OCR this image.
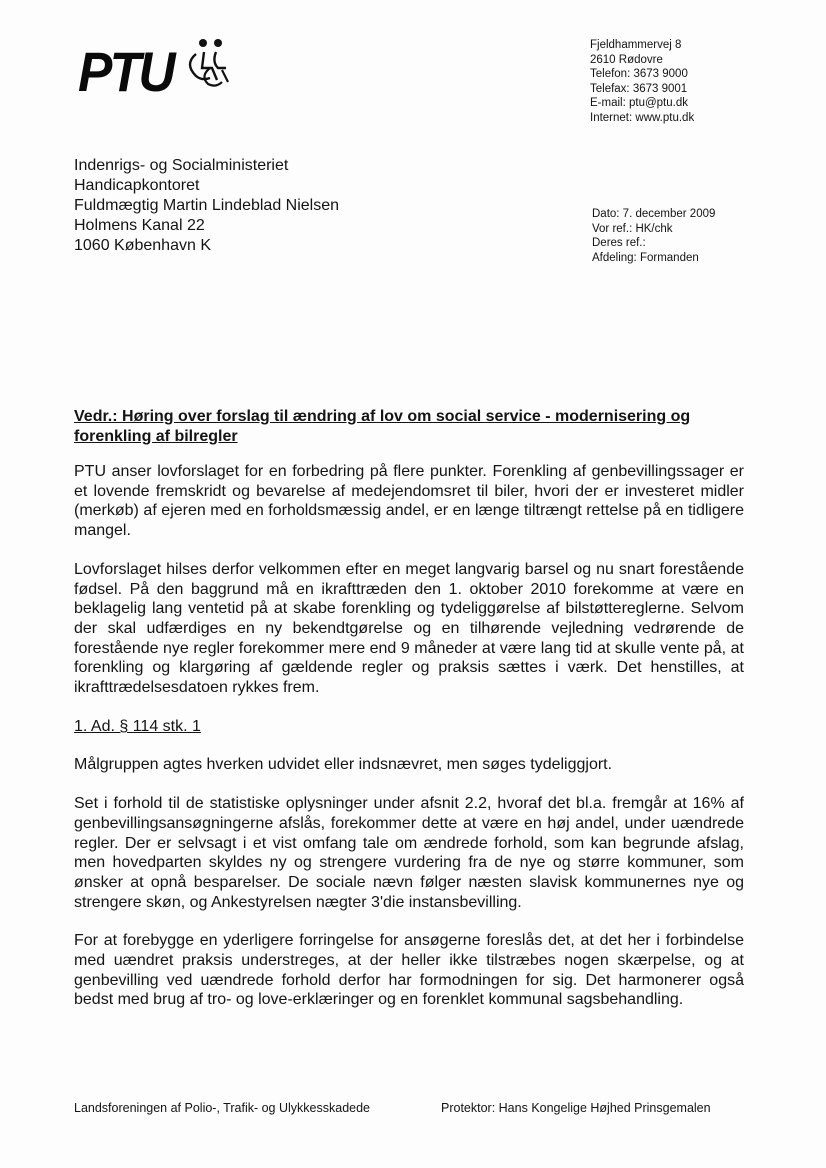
PTU	Fjeldhammervej 8
2610 Rødovre
Telefon: 3673 9000
Telefax: 3673 9001
E-mail: ptu@ptu.dk
Internet: www.ptu.dk
Indenrigs- og Socialministeriet
Handicapkontoret
Fuldmægtig Martin Lindeblad Nielsen
Holmens Kanal 22
1060 København K
Dato: 7. december 2009
Vor ref.: HK/chk
Deres ref.:
Afdeling: Formanden
Vedr.: Høring over forslag til ændring af lov om social service - modernisering og forenkling af bilregler

PTU anser lovforslaget for en forbedring på flere punkter. Forenkling af genbevillingssager er et lovende fremskridt og bevarelse af medejendomsret til biler, hvori der er investeret midler (merkøb) af ejeren med en forholdsmæssig andel, er en længe tiltrængt rettelse på en tidligere mangel.

Lovforslaget hilses derfor velkommen efter en meget langvarig barsel og nu snart forestående fødsel. På den baggrund må en ikrafttræden den 1. oktober 2010 forekomme at være en beklagelig lang ventetid på at skabe forenkling og tydeliggørelse af bilstøttereglerne. Selvom der skal udfærdiges en ny bekendtgørelse og en tilhørende vejledning vedrørende de forestående nye regler forekommer mere end 9 måneder at være lang tid at skulle vente på, at forenkling og klargøring af gældende regler og praksis sættes i værk. Det henstilles, at ikrafttrædelsesdatoen rykkes frem.

1. Ad. § 114 stk. 1

Målgruppen agtes hverken udvidet eller indsnævret, men søges tydeliggjort.

Set i forhold til de statistiske oplysninger under afsnit 2.2, hvoraf det bl.a. fremgår at 16% af genbevillingsansøgningerne afslås, forekommer dette at være en høj andel, under uændrede regler. Der er selvsagt i et vist omfang tale om ændrede forhold, som kan begrunde afslag, men hovedparten skyldes ny og strengere vurdering fra de nye og større kommuner, som ønsker at opnå besparelser. De sociale nævn følger næsten slavisk kommunernes nye og strengere skøn, og Ankestyrelsen nægter 3'die instansbevilling.

For at forebygge en yderligere forringelse for ansøgerne foreslås det, at det her i forbindelse med uændret praksis understreges, at der heller ikke tilstræbes nogen skærpelse, og at genbevilling ved uændrede forhold derfor har formodningen for sig. Det harmonerer også bedst med brug af tro- og love-erklæringer og en forenklet kommunal sagsbehandling.

Landsforeningen af Polio-, Trafik- og Ulykkesskadede	Protektor: Hans Kongelige Højhed Prinsgemalen
